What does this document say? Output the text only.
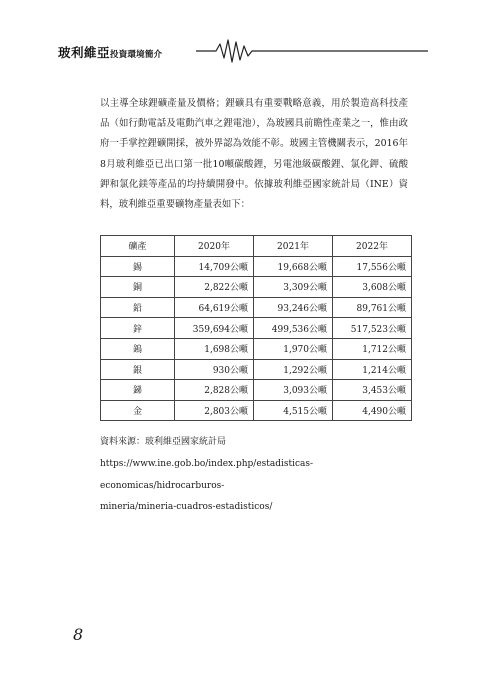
玻利維亞投資環境簡介

以主導全球鋰礦產量及價格；鋰礦具有重要戰略意義，用於製造高科技產品（如行動電話及電動汽車之鋰電池），為玻國具前瞻性產業之一，惟由政府一手掌控鋰礦開採，被外界認為效能不彰。玻國主管機關表示，2016年8月玻利維亞已出口第一批10噸碳酸鋰，另電池級碳酸鋰、氯化鉀、硫酸鉀和氯化鎂等產品的均持續開發中。依據玻利維亞國家統計局（INE）資料，玻利維亞重要礦物產量表如下：

礦產	2020年	2021年	2022年
錫	14,709公噸	19,668公噸	17,556公噸
銅	2,822公噸	3,309公噸	3,608公噸
鉛	64,619公噸	93,246公噸	89,761公噸
鋅	359,694公噸	499,536公噸	517,523公噸
鎢	1,698公噸	1,970公噸	1,712公噸
銀	930公噸	1,292公噸	1,214公噸
銻	2,828公噸	3,093公噸	3,453公噸
金	2,803公噸	4,515公噸	4,490公噸

資料來源：玻利維亞國家統計局

https://www.ine.gob.bo/index.php/estadisticas-economicas/hidrocarburos-

mineria/mineria-cuadros-estadisticos/

8
